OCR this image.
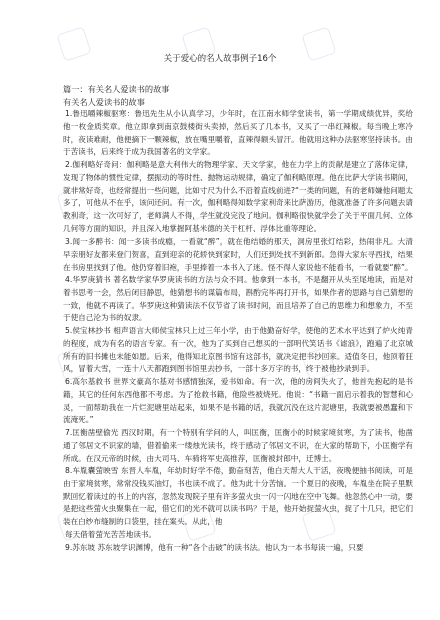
关于爱心的名人故事例子16个
篇一：有关名人爱读书的故事
有关名人爱读书的故事

1.鲁迅嚼辣椒驱寒：鲁迅先生从小认真学习，少年时，在江南水师学堂读书，第一学期成绩优异，奖给他一枚金质奖章。他立即拿到南京鼓楼街头卖掉，然后买了几本书，又买了一串红辣椒。每当晚上寒冷时，夜读难耐，他便摘下一颗辣椒，放在嘴里嚼着，直辣得额头冒汗。他就用这种办法驱寒坚持读书。由于苦读书，后来终于成为我国著名的文学家。

2.伽利略好奇问：伽利略是意大利伟大的物理学家、天文学家，他在力学上的贡献是建立了落体定律，发现了物体的惯性定律，摆振动的等时性、抛物运动规律，确定了伽利略原理。他在比萨大学读书期间，就非常好奇，也经常提出一些问题，比如寸尺为什么不沿着直线前进?“一类的问题，有的老师嫌他问题太多了，可他从不在乎，该问还问。有一次，伽利略得知数学家利奇来比萨游历，他就准备了许多问题去请教利奇，这一次可好了，老师满人不得，学生就没完没了地问。伽利略很快就学会了关于平面几何、立体几何等方面的知识，并且深入地掌握阿基米德的关于杠杆、浮体比重等理论。

3.闻一多醉书：闻一多读书成瘾，一看就“醉”，就在他结婚的那天，洞房里张灯结彩，热闹非凡。大清早亲朋好友都来登门贺喜，直到迎亲的花轿快到家时，人们还到处找不到新郎。急得大家东寻西找，结果在书房里找到了他。他仍穿着旧袍，手里捧着一本书入了迷。怪不得人家说他不能看书，一看就要“醉”。

4.华罗庚猜书 著名数学家华罗庚读书的方法与众不同。他拿到一本书，不是翻开从头至尾地读，而是对着书思考一会，然后闭目静思，他猜想书的谋篇布局，斟酌完毕再打开书，如果作者的思路与自己猜想的一致，他就不再读了。华罗庚这种猜读法不仅节省了读书时间，而且培养了自己的思维力和想象力，不至于使自己沦为书的奴隶。

5.侯宝林抄书 相声语言大师侯宝林只上过三年小学，由于他勤奋好学，使他的艺术水平达到了炉火纯青的程度，成为有名的语言专家。有一次，他为了买到自己想买的一部明代笑话书《谑浪》，跑遍了北京城所有的旧书摊也未能如愿。后来，他得知北京图书馆有这部书，就决定把书抄回来。适值冬日，他顶着狂风，冒着大雪，一连十八天都跑到图书馆里去抄书，一部十多万字的书，终于被他抄录到手。

6.高尔基救书 世界文豪高尔基对书感情独深，爱书如命。有一次，他的房间失火了，他首先抱起的是书籍，其它的任何东西他都不考虑。为了抢救书籍，他险些被烧死。他说：“书籍一面启示着我的智慧和心灵，一面帮助我在一片烂泥塘里站起来，如果不是书籍的话，我就沉没在这片泥塘里，我就要被愚蠢和下流淹死。”

7.匡衡凿壁偷光 西汉时期，有一个特别有学问的人，叫匡衡，匡衡小的时候家境贫寒，为了读书，他凿通了邻居文不识家的墙，借着偷来一缕烛光读书，终于感动了邻居文不识，在大家的帮助下，小匡衡学有所成。在汉元帝的时候，由大司马、车骑将军史高推荐，匡衡被封郎中，迁博士。

8.车胤囊萤映雪 东晋人车胤，年幼时好学不倦，勤奋刻苦，他白天帮大人干活，夜晚便抽书阅读，可是由于家境贫寒，常常没钱买油灯，书也读不成了。他为此十分苦恼。一个夏日的夜晚，车胤坐在院子里默默回忆着读过的书上的内容，忽然发现院子里有许多萤火虫一闪一闪地在空中飞舞。他忽然心中一动，要是把这些萤火虫聚集在一起，借它们的光不就可以读书吗？于是，他开始捉萤火虫，捉了十几只，把它们装在白纱布缝制的口袋里，挂在案头。从此，他

每天借着萤光苦苦地读书。

9.苏东坡 苏东坡学识渊博，他有一种“各个击破”的读书法。他认为一本书每读一遍，只要
